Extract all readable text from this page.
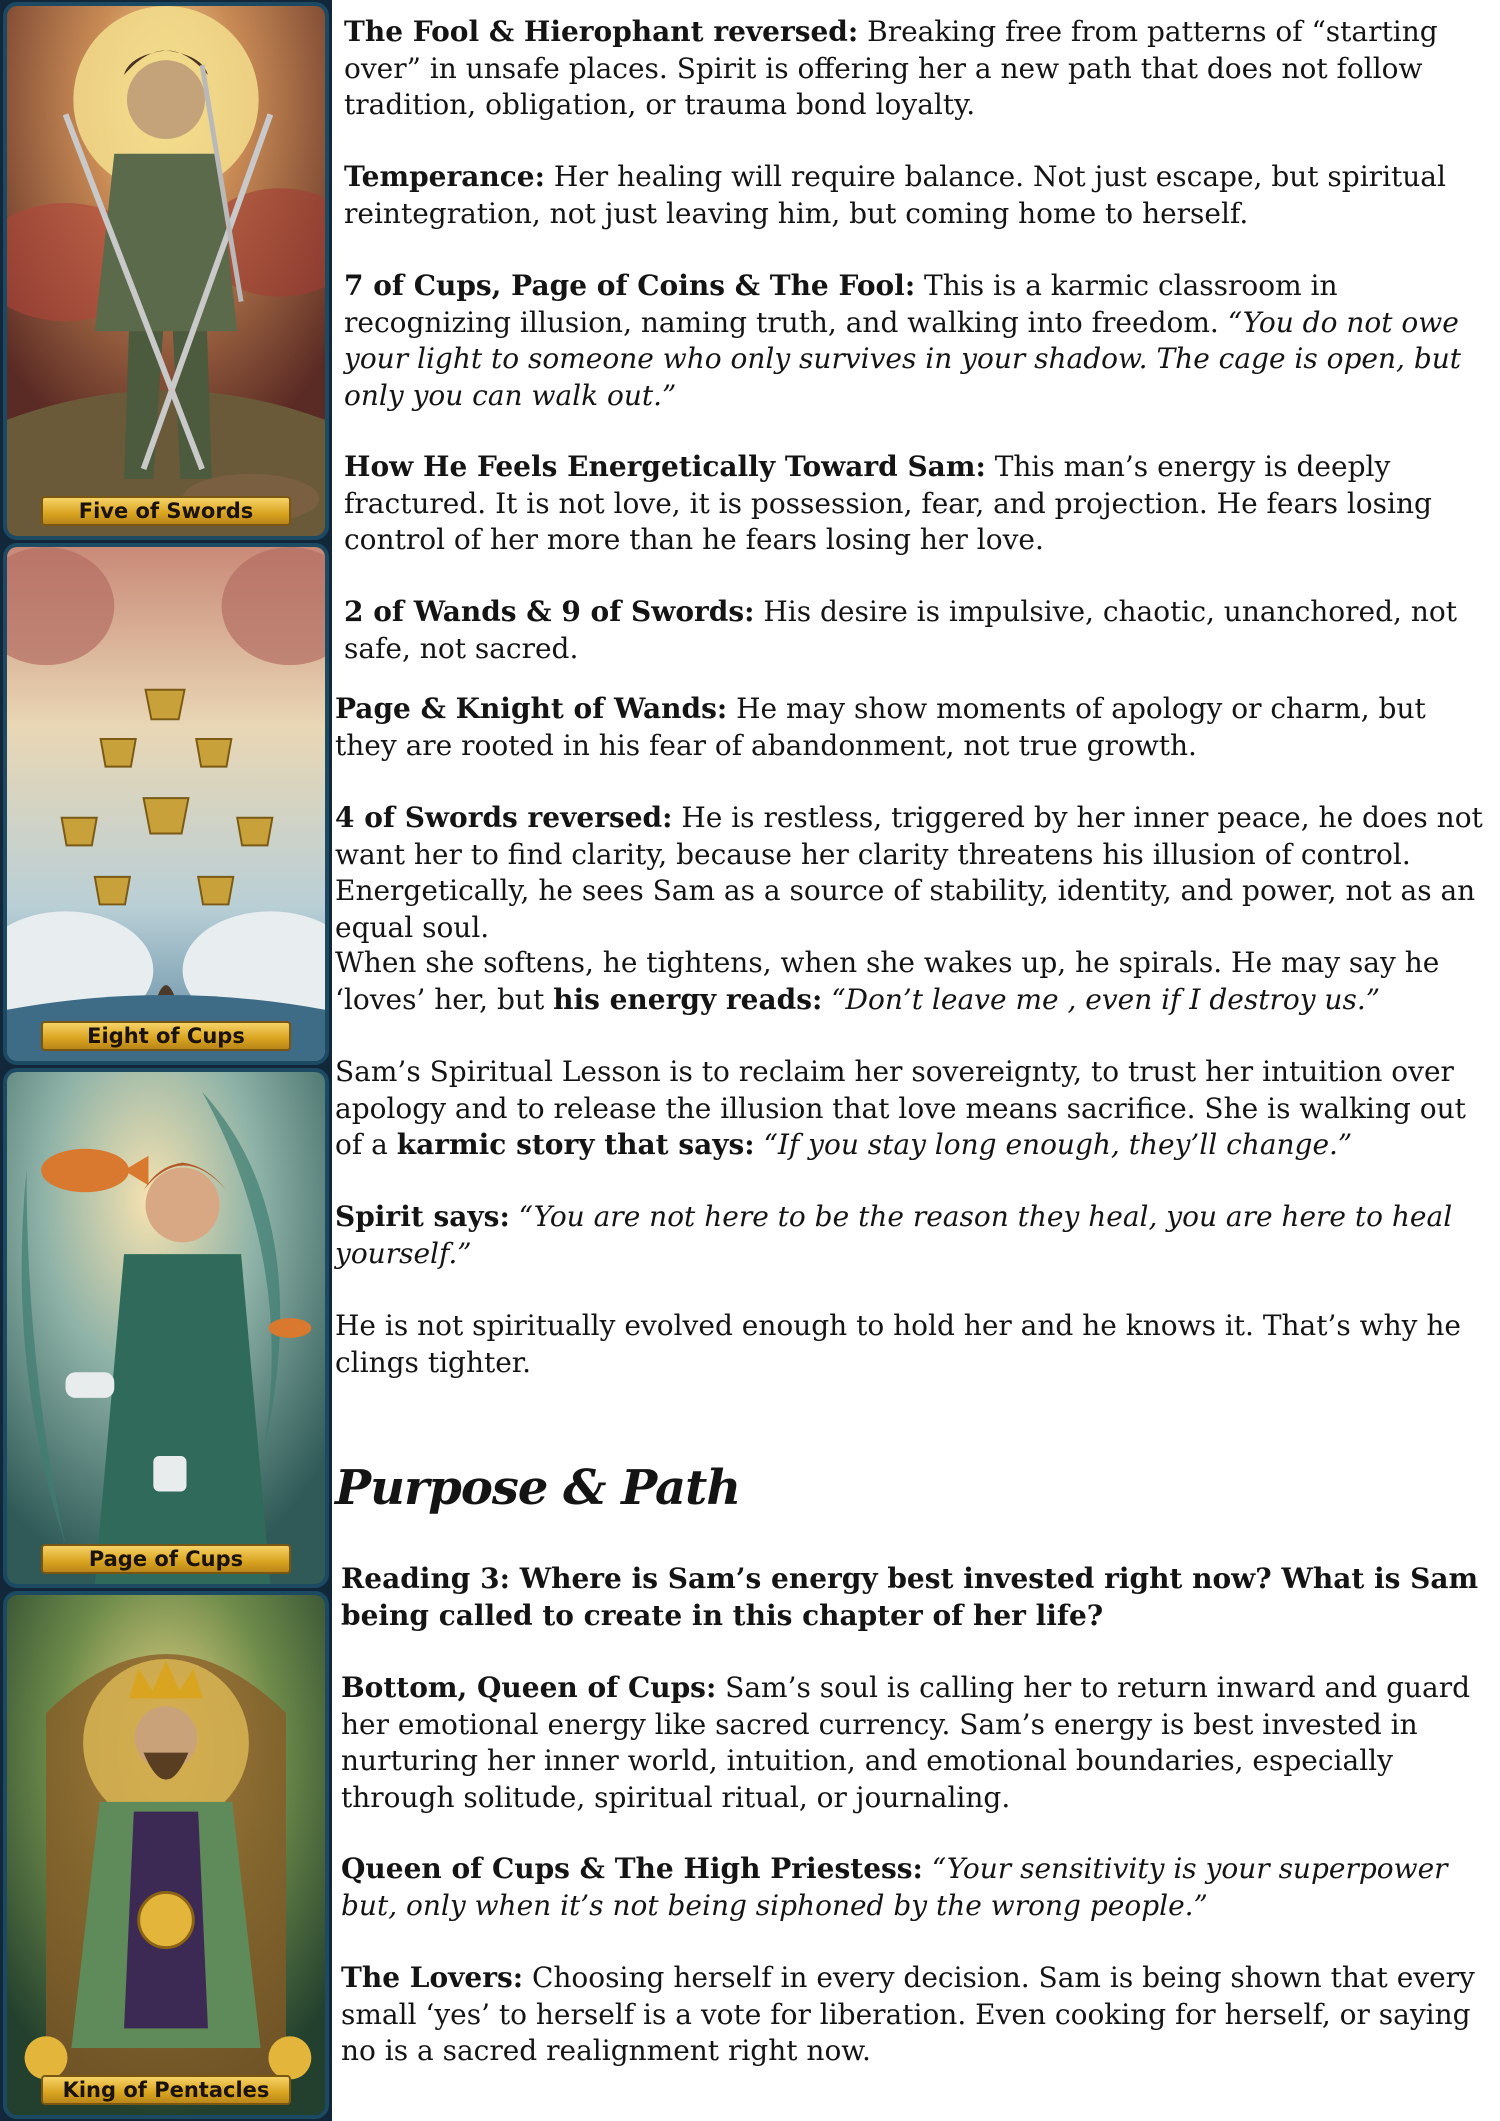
Five of Swords
Eight of Cups
Page of Cups
King of Pentacles

The Fool & Hierophant reversed: Breaking free from patterns of “starting over” in unsafe places. Spirit is offering her a new path that does not follow tradition, obligation, or trauma bond loyalty.

Temperance: Her healing will require balance. Not just escape, but spiritual reintegration, not just leaving him, but coming home to herself.

7 of Cups, Page of Coins & The Fool: This is a karmic classroom in recognizing illusion, naming truth, and walking into freedom. “You do not owe your light to someone who only survives in your shadow. The cage is open, but only you can walk out.”

How He Feels Energetically Toward Sam: This man’s energy is deeply fractured. It is not love, it is possession, fear, and projection. He fears losing control of her more than he fears losing her love.

2 of Wands & 9 of Swords: His desire is impulsive, chaotic, unanchored, not safe, not sacred.

Page & Knight of Wands: He may show moments of apology or charm, but they are rooted in his fear of abandonment, not true growth.

4 of Swords reversed: He is restless, triggered by her inner peace, he does not want her to find clarity, because her clarity threatens his illusion of control. Energetically, he sees Sam as a source of stability, identity, and power, not as an equal soul.

When she softens, he tightens, when she wakes up, he spirals. He may say he ‘loves’ her, but his energy reads: “Don’t leave me , even if I destroy us.”

Sam’s Spiritual Lesson is to reclaim her sovereignty, to trust her intuition over apology and to release the illusion that love means sacrifice. She is walking out of a karmic story that says: “If you stay long enough, they’ll change.”

Spirit says: “You are not here to be the reason they heal, you are here to heal yourself.”

He is not spiritually evolved enough to hold her and he knows it. That’s why he clings tighter.

Purpose & Path

Reading 3: Where is Sam’s energy best invested right now? What is Sam being called to create in this chapter of her life?

Bottom, Queen of Cups: Sam’s soul is calling her to return inward and guard her emotional energy like sacred currency. Sam’s energy is best invested in nurturing her inner world, intuition, and emotional boundaries, especially through solitude, spiritual ritual, or journaling.

Queen of Cups & The High Priestess: “Your sensitivity is your superpower but, only when it’s not being siphoned by the wrong people.”

The Lovers: Choosing herself in every decision. Sam is being shown that every small ‘yes’ to herself is a vote for liberation. Even cooking for herself, or saying no is a sacred realignment right now.
